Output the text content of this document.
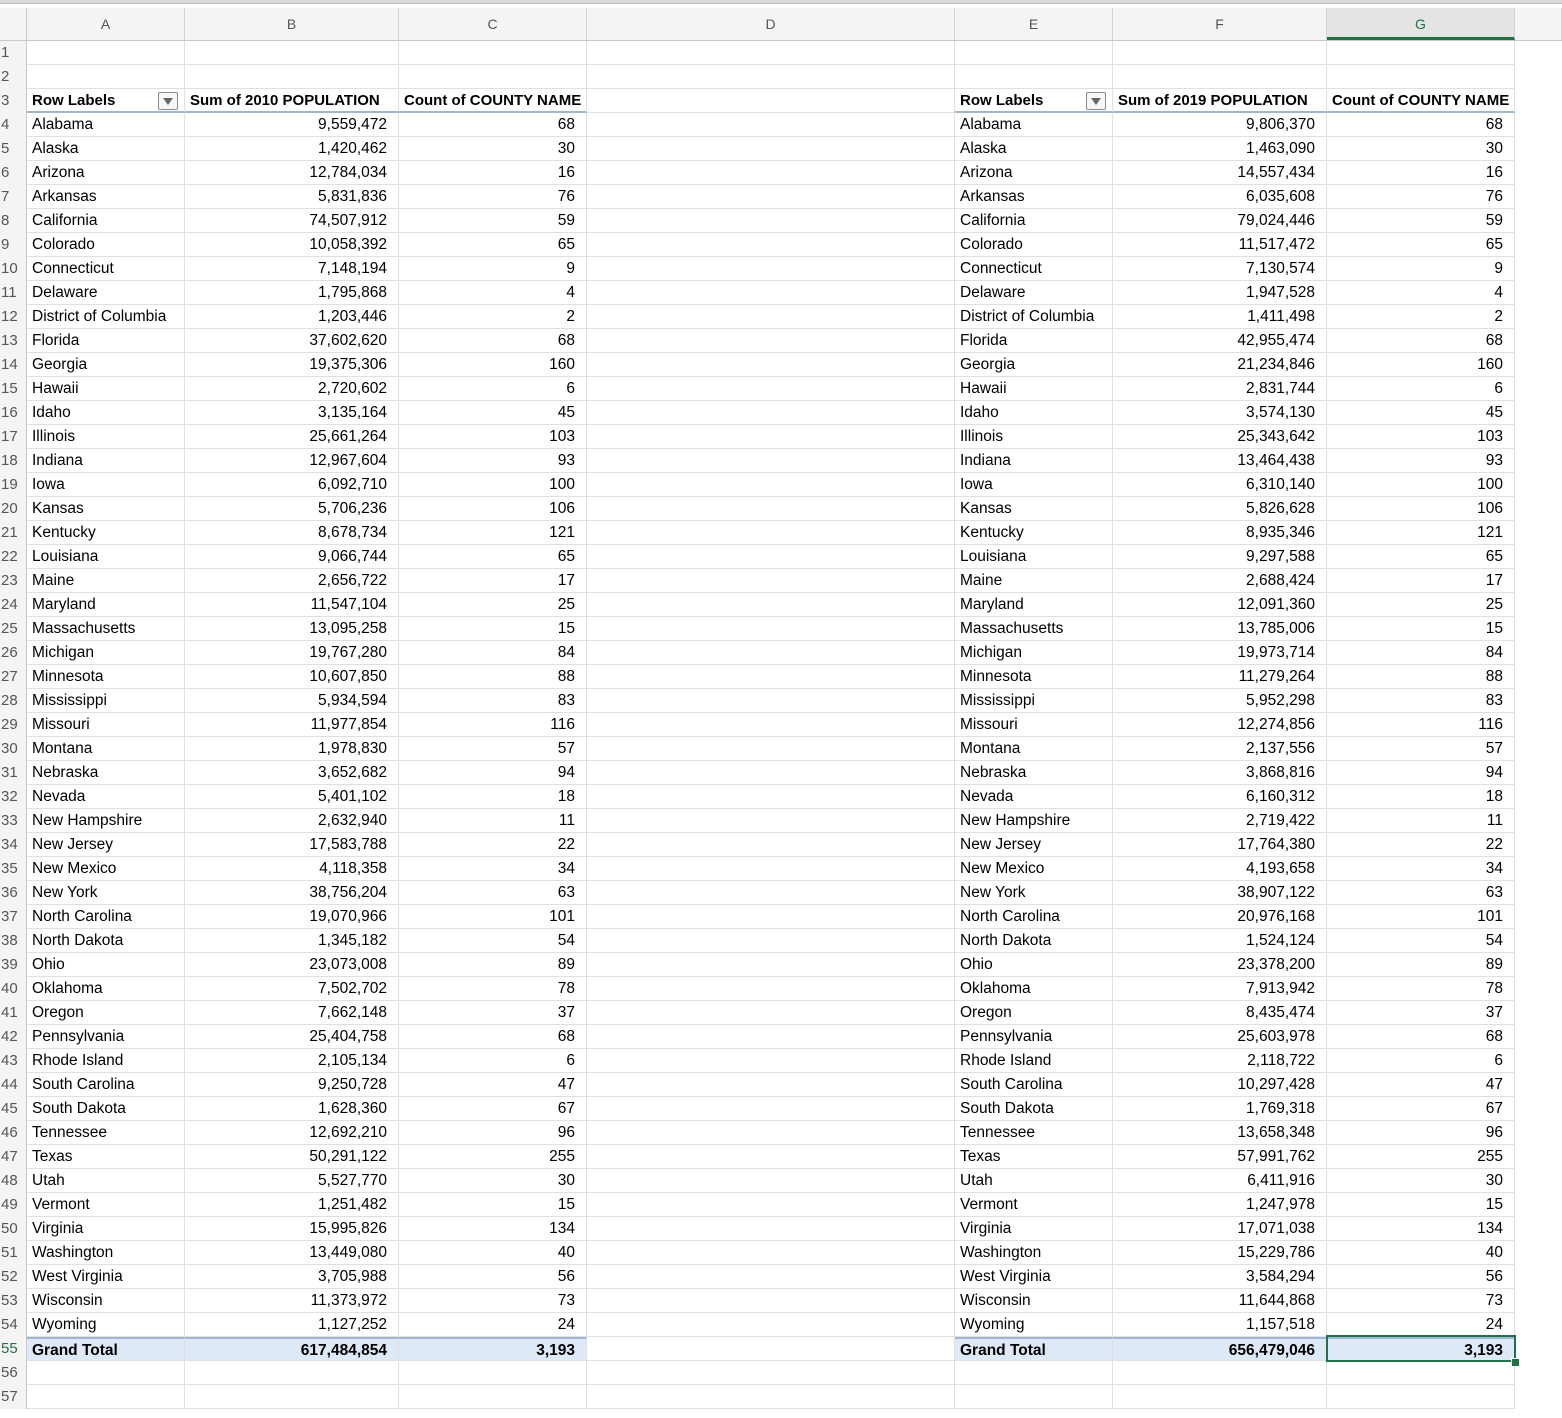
A	B	C	D	E	F	G
1
2
3	Row Labels	Sum of 2010 POPULATION	Count of COUNTY NAME	Row Labels	Sum of 2019 POPULATION	Count of COUNTY NAME
4	Alabama	9,559,472	68	Alabama	9,806,370	68
5	Alaska	1,420,462	30	Alaska	1,463,090	30
6	Arizona	12,784,034	16	Arizona	14,557,434	16
7	Arkansas	5,831,836	76	Arkansas	6,035,608	76
8	California	74,507,912	59	California	79,024,446	59
9	Colorado	10,058,392	65	Colorado	11,517,472	65
10 Connecticut	7,148,194	9	Connecticut	7,130,574	9
11 Delaware	1,795,868	4	Delaware	1,947,528	4
12 District of Columbia	1,203,446	2	District of Columbia	1,411,498	2
13 Florida	37,602,620	68	Florida	42,955,474	68
14 Georgia	19,375,306	160	Georgia	21,234,846	160
15 Hawaii	2,720,602	6	Hawaii	2,831,744	6
16 Idaho	3,135,164	45	Idaho	3,574,130	45
17 Illinois	25,661,264	103	Illinois	25,343,642	103
18 Indiana	12,967,604	93	Indiana	13,464,438	93
19 Iowa	6,092,710	100	Iowa	6,310,140	100
20 Kansas	5,706,236	106	Kansas	5,826,628	106
21 Kentucky	8,678,734	121	Kentucky	8,935,346	121
22 Louisiana	9,066,744	65	Louisiana	9,297,588	65
23 Maine	2,656,722	17	Maine	2,688,424	17
24 Maryland	11,547,104	25	Maryland	12,091,360	25
25 Massachusetts	13,095,258	15	Massachusetts	13,785,006	15
26 Michigan	19,767,280	84	Michigan	19,973,714	84
27 Minnesota	10,607,850	88	Minnesota	11,279,264	88
28 Mississippi	5,934,594	83	Mississippi	5,952,298	83
29 Missouri	11,977,854	116	Missouri	12,274,856	116
30 Montana	1,978,830	57	Montana	2,137,556	57
31 Nebraska	3,652,682	94	Nebraska	3,868,816	94
32 Nevada	5,401,102	18	Nevada	6,160,312	18
33 New Hampshire	2,632,940	11	New Hampshire	2,719,422	11
34 New Jersey	17,583,788	22	New Jersey	17,764,380	22
35 New Mexico	4,118,358	34	New Mexico	4,193,658	34
36 New York	38,756,204	63	New York	38,907,122	63
37 North Carolina	19,070,966	101	North Carolina	20,976,168	101
38 North Dakota	1,345,182	54	North Dakota	1,524,124	54
39 Ohio	23,073,008	89	Ohio	23,378,200	89
40 Oklahoma	7,502,702	78	Oklahoma	7,913,942	78
41 Oregon	7,662,148	37	Oregon	8,435,474	37
42 Pennsylvania	25,404,758	68	Pennsylvania	25,603,978	68
43 Rhode Island	2,105,134	6	Rhode Island	2,118,722	6
44 South Carolina	9,250,728	47	South Carolina	10,297,428	47
45 South Dakota	1,628,360	67	South Dakota	1,769,318	67
46 Tennessee	12,692,210	96	Tennessee	13,658,348	96
47 Texas	50,291,122	255	Texas	57,991,762	255
48 Utah	5,527,770	30	Utah	6,411,916	30
49 Vermont	1,251,482	15	Vermont	1,247,978	15
50 Virginia	15,995,826	134	Virginia	17,071,038	134
51 Washington	13,449,080	40	Washington	15,229,786	40
52 West Virginia	3,705,988	56	West Virginia	3,584,294	56
53 Wisconsin	11,373,972	73	Wisconsin	11,644,868	73
54 Wyoming	1,127,252	24	Wyoming	1,157,518	24
55 Grand Total	617,484,854	3,193	Grand Total	656,479,046	3,193
56
57
